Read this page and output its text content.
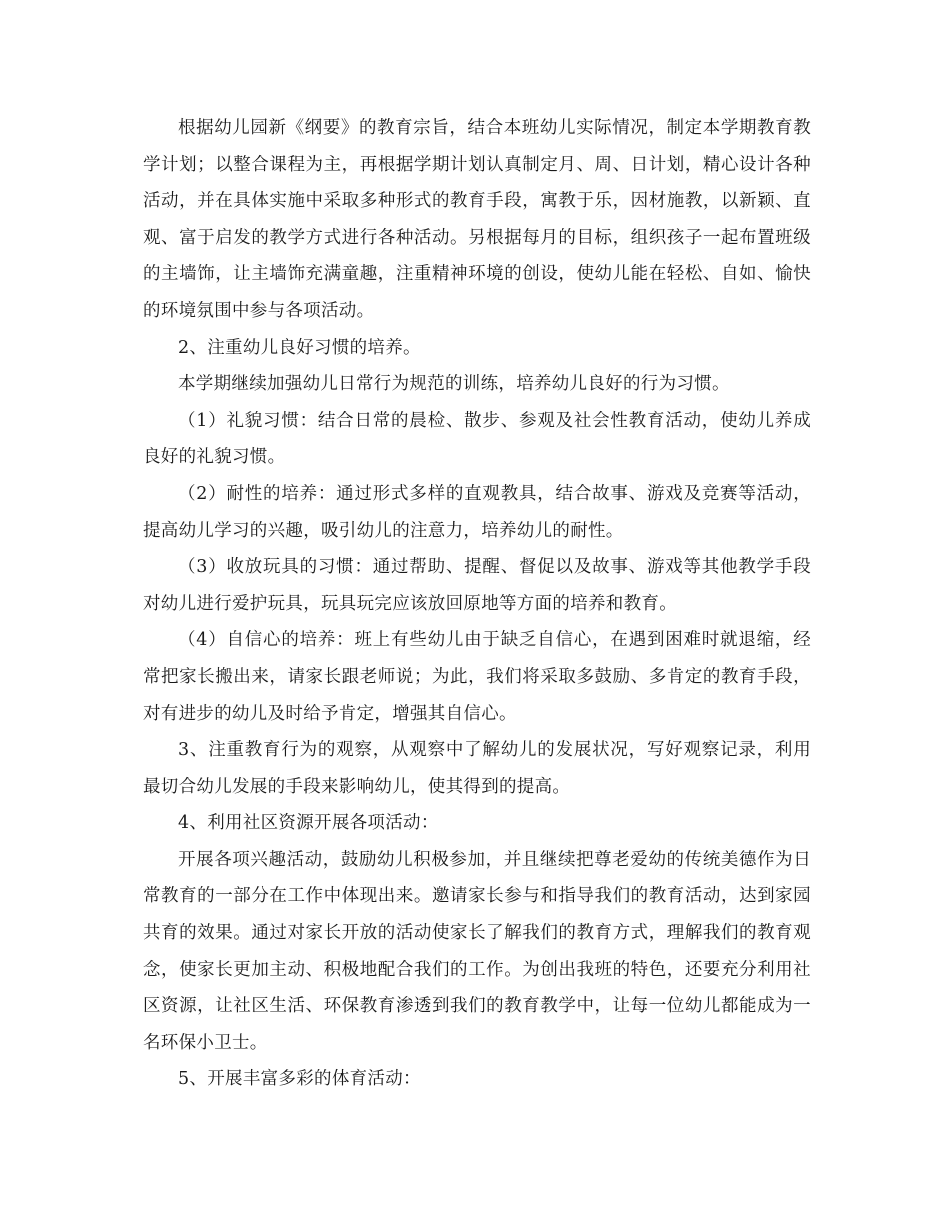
根据幼儿园新《纲要》的教育宗旨，结合本班幼儿实际情况，制定本学期教育教学计划；以整合课程为主，再根据学期计划认真制定月、周、日计划，精心设计各种活动，并在具体实施中采取多种形式的教育手段，寓教于乐，因材施教，以新颖、直观、富于启发的教学方式进行各种活动。另根据每月的目标，组织孩子一起布置班级的主墙饰，让主墙饰充满童趣，注重精神环境的创设，使幼儿能在轻松、自如、愉快的环境氛围中参与各项活动。

2、注重幼儿良好习惯的培养。

本学期继续加强幼儿日常行为规范的训练，培养幼儿良好的行为习惯。

（1）礼貌习惯：结合日常的晨检、散步、参观及社会性教育活动，使幼儿养成良好的礼貌习惯。

（2）耐性的培养：通过形式多样的直观教具，结合故事、游戏及竞赛等活动，提高幼儿学习的兴趣，吸引幼儿的注意力，培养幼儿的耐性。

（3）收放玩具的习惯：通过帮助、提醒、督促以及故事、游戏等其他教学手段对幼儿进行爱护玩具，玩具玩完应该放回原地等方面的培养和教育。

（4）自信心的培养：班上有些幼儿由于缺乏自信心，在遇到困难时就退缩，经常把家长搬出来，请家长跟老师说；为此，我们将采取多鼓励、多肯定的教育手段，对有进步的幼儿及时给予肯定，增强其自信心。

3、注重教育行为的观察，从观察中了解幼儿的发展状况，写好观察记录，利用最切合幼儿发展的手段来影响幼儿，使其得到的提高。

4、利用社区资源开展各项活动：

开展各项兴趣活动，鼓励幼儿积极参加，并且继续把尊老爱幼的传统美德作为日常教育的一部分在工作中体现出来。邀请家长参与和指导我们的教育活动，达到家园共育的效果。通过对家长开放的活动使家长了解我们的教育方式，理解我们的教育观念，使家长更加主动、积极地配合我们的工作。为创出我班的特色，还要充分利用社区资源，让社区生活、环保教育渗透到我们的教育教学中，让每一位幼儿都能成为一名环保小卫士。

5、开展丰富多彩的体育活动：
